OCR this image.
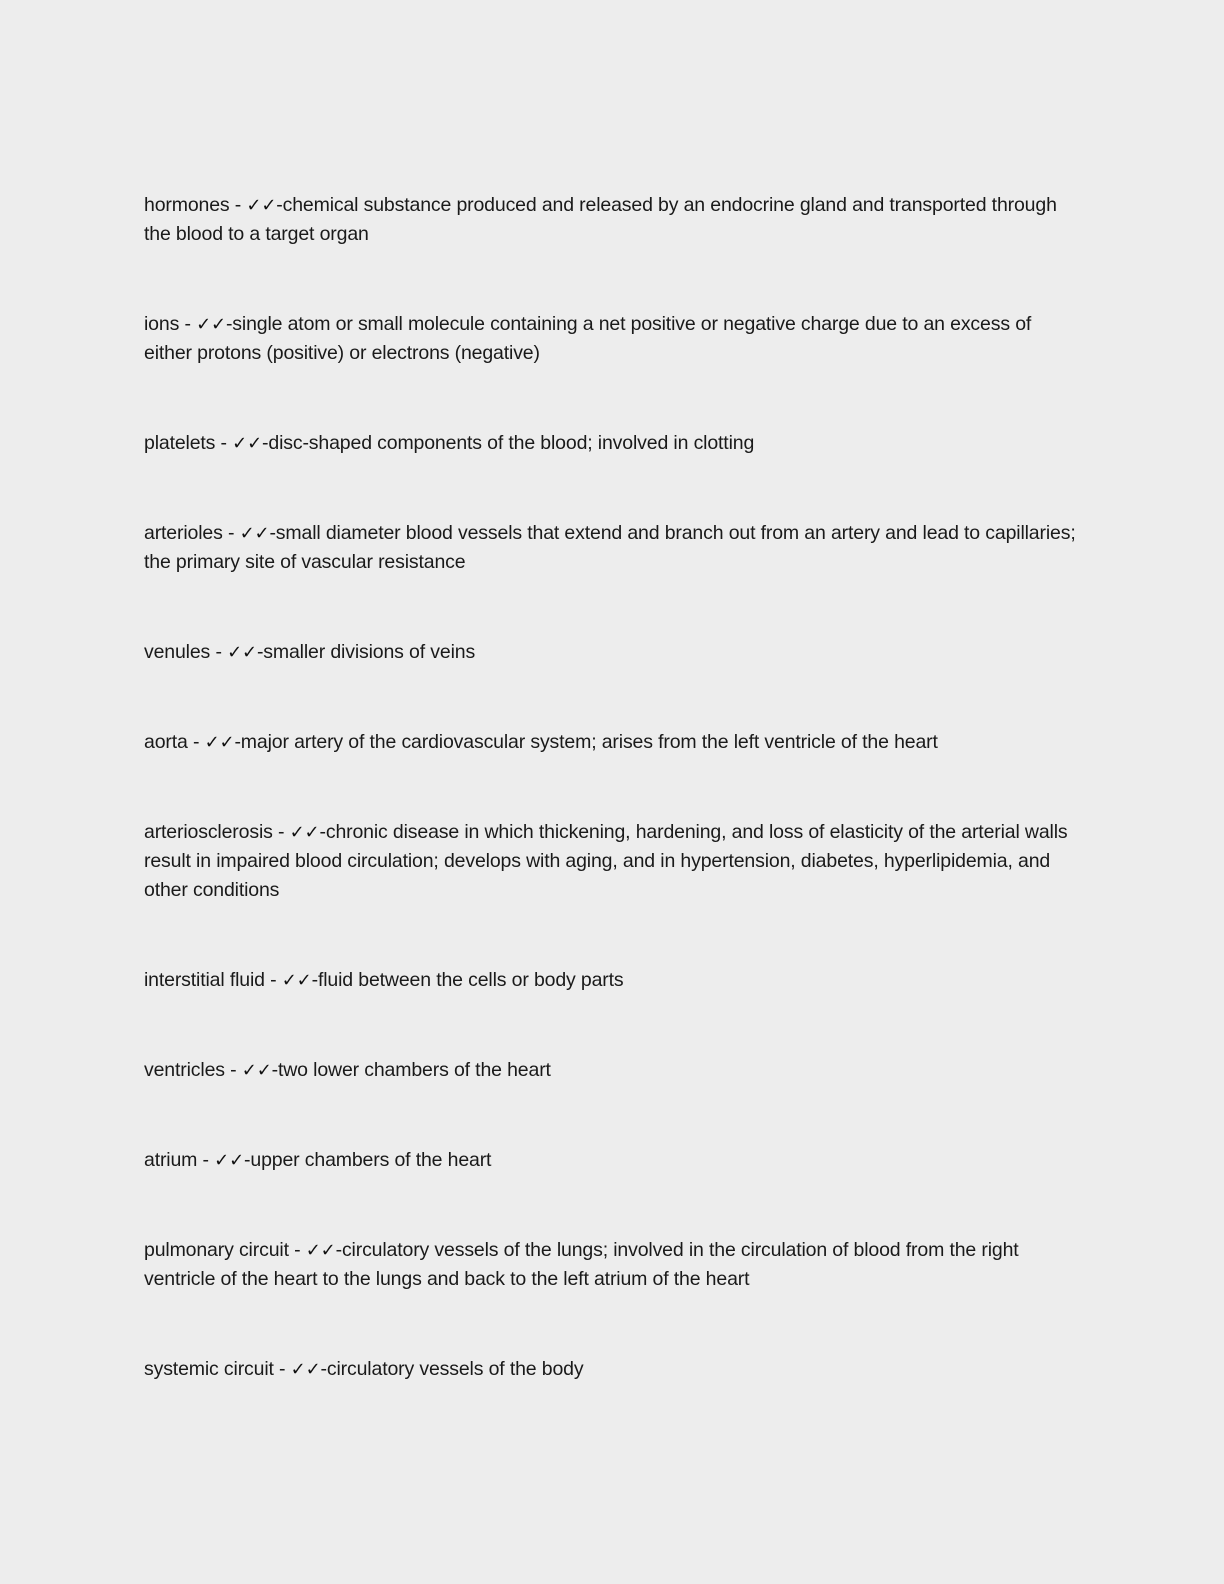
hormones - ✓✓-chemical substance produced and released by an endocrine gland and transported through the blood to a target organ

ions - ✓✓-single atom or small molecule containing a net positive or negative charge due to an excess of either protons (positive) or electrons (negative)

platelets - ✓✓-disc-shaped components of the blood; involved in clotting

arterioles - ✓✓-small diameter blood vessels that extend and branch out from an artery and lead to capillaries; the primary site of vascular resistance

venules - ✓✓-smaller divisions of veins

aorta - ✓✓-major artery of the cardiovascular system; arises from the left ventricle of the heart

arteriosclerosis - ✓✓-chronic disease in which thickening, hardening, and loss of elasticity of the arterial walls result in impaired blood circulation; develops with aging, and in hypertension, diabetes, hyperlipidemia, and other conditions

interstitial fluid - ✓✓-fluid between the cells or body parts

ventricles - ✓✓-two lower chambers of the heart

atrium - ✓✓-upper chambers of the heart

pulmonary circuit - ✓✓-circulatory vessels of the lungs; involved in the circulation of blood from the right ventricle of the heart to the lungs and back to the left atrium of the heart

systemic circuit - ✓✓-circulatory vessels of the body
